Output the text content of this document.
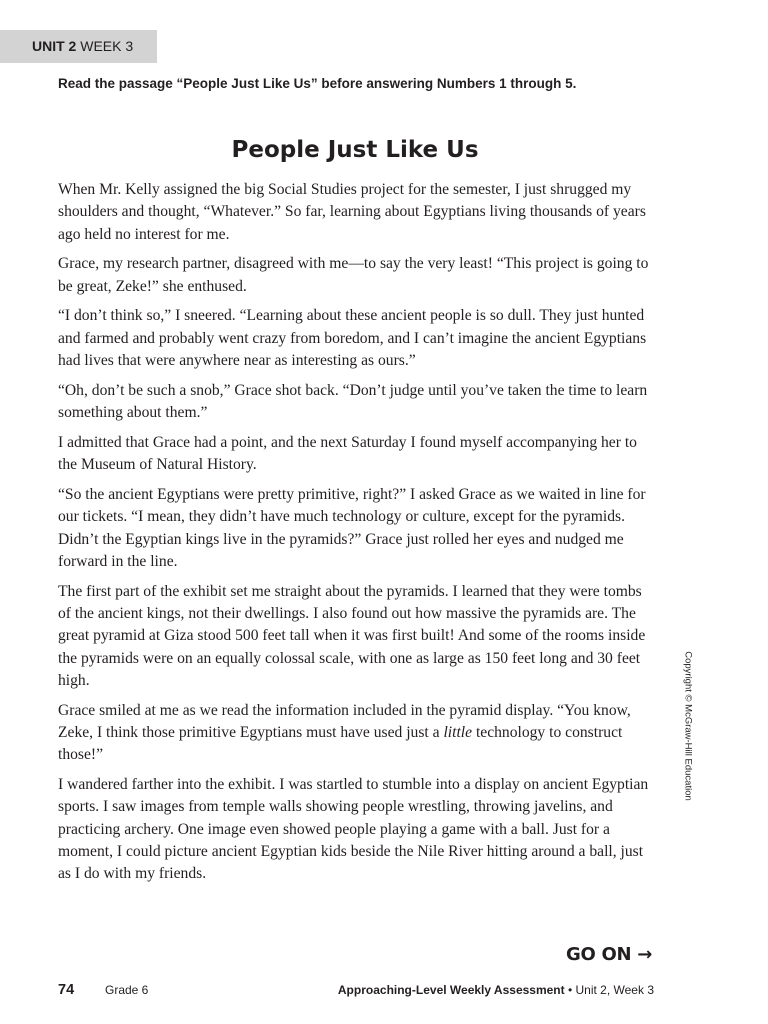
UNIT 2 WEEK 3
Read the passage “People Just Like Us” before answering Numbers 1 through 5.
People Just Like Us

When Mr. Kelly assigned the big Social Studies project for the semester, I just shrugged my shoulders and thought, “Whatever.” So far, learning about Egyptians living thousands of years ago held no interest for me.

Grace, my research partner, disagreed with me—to say the very least! “This project is going to be great, Zeke!” she enthused.

“I don’t think so,” I sneered. “Learning about these ancient people is so dull. They just hunted and farmed and probably went crazy from boredom, and I can’t imagine the ancient Egyptians had lives that were anywhere near as interesting as ours.”

“Oh, don’t be such a snob,” Grace shot back. “Don’t judge until you’ve taken the time to learn something about them.”

I admitted that Grace had a point, and the next Saturday I found myself accompanying her to the Museum of Natural History.

“So the ancient Egyptians were pretty primitive, right?” I asked Grace as we waited in line for our tickets. “I mean, they didn’t have much technology or culture, except for the pyramids. Didn’t the Egyptian kings live in the pyramids?” Grace just rolled her eyes and nudged me forward in the line.

The first part of the exhibit set me straight about the pyramids. I learned that they were tombs of the ancient kings, not their dwellings. I also found out how massive the pyramids are. The great pyramid at Giza stood 500 feet tall when it was first built! And some of the rooms inside the pyramids were on an equally colossal scale, with one as large as 150 feet long and 30 feet high.

Grace smiled at me as we read the information included in the pyramid display. “You know, Zeke, I think those primitive Egyptians must have used just a little technology to construct those!”

I wandered farther into the exhibit. I was startled to stumble into a display on ancient Egyptian sports. I saw images from temple walls showing people wrestling, throwing javelins, and practicing archery. One image even showed people playing a game with a ball. Just for a moment, I could picture ancient Egyptian kids beside the Nile River hitting around a ball, just as I do with my friends.

Copyright © McGraw-Hill Education
GO ON →
74	Grade 6	Approaching-Level Weekly Assessment • Unit 2, Week 3
